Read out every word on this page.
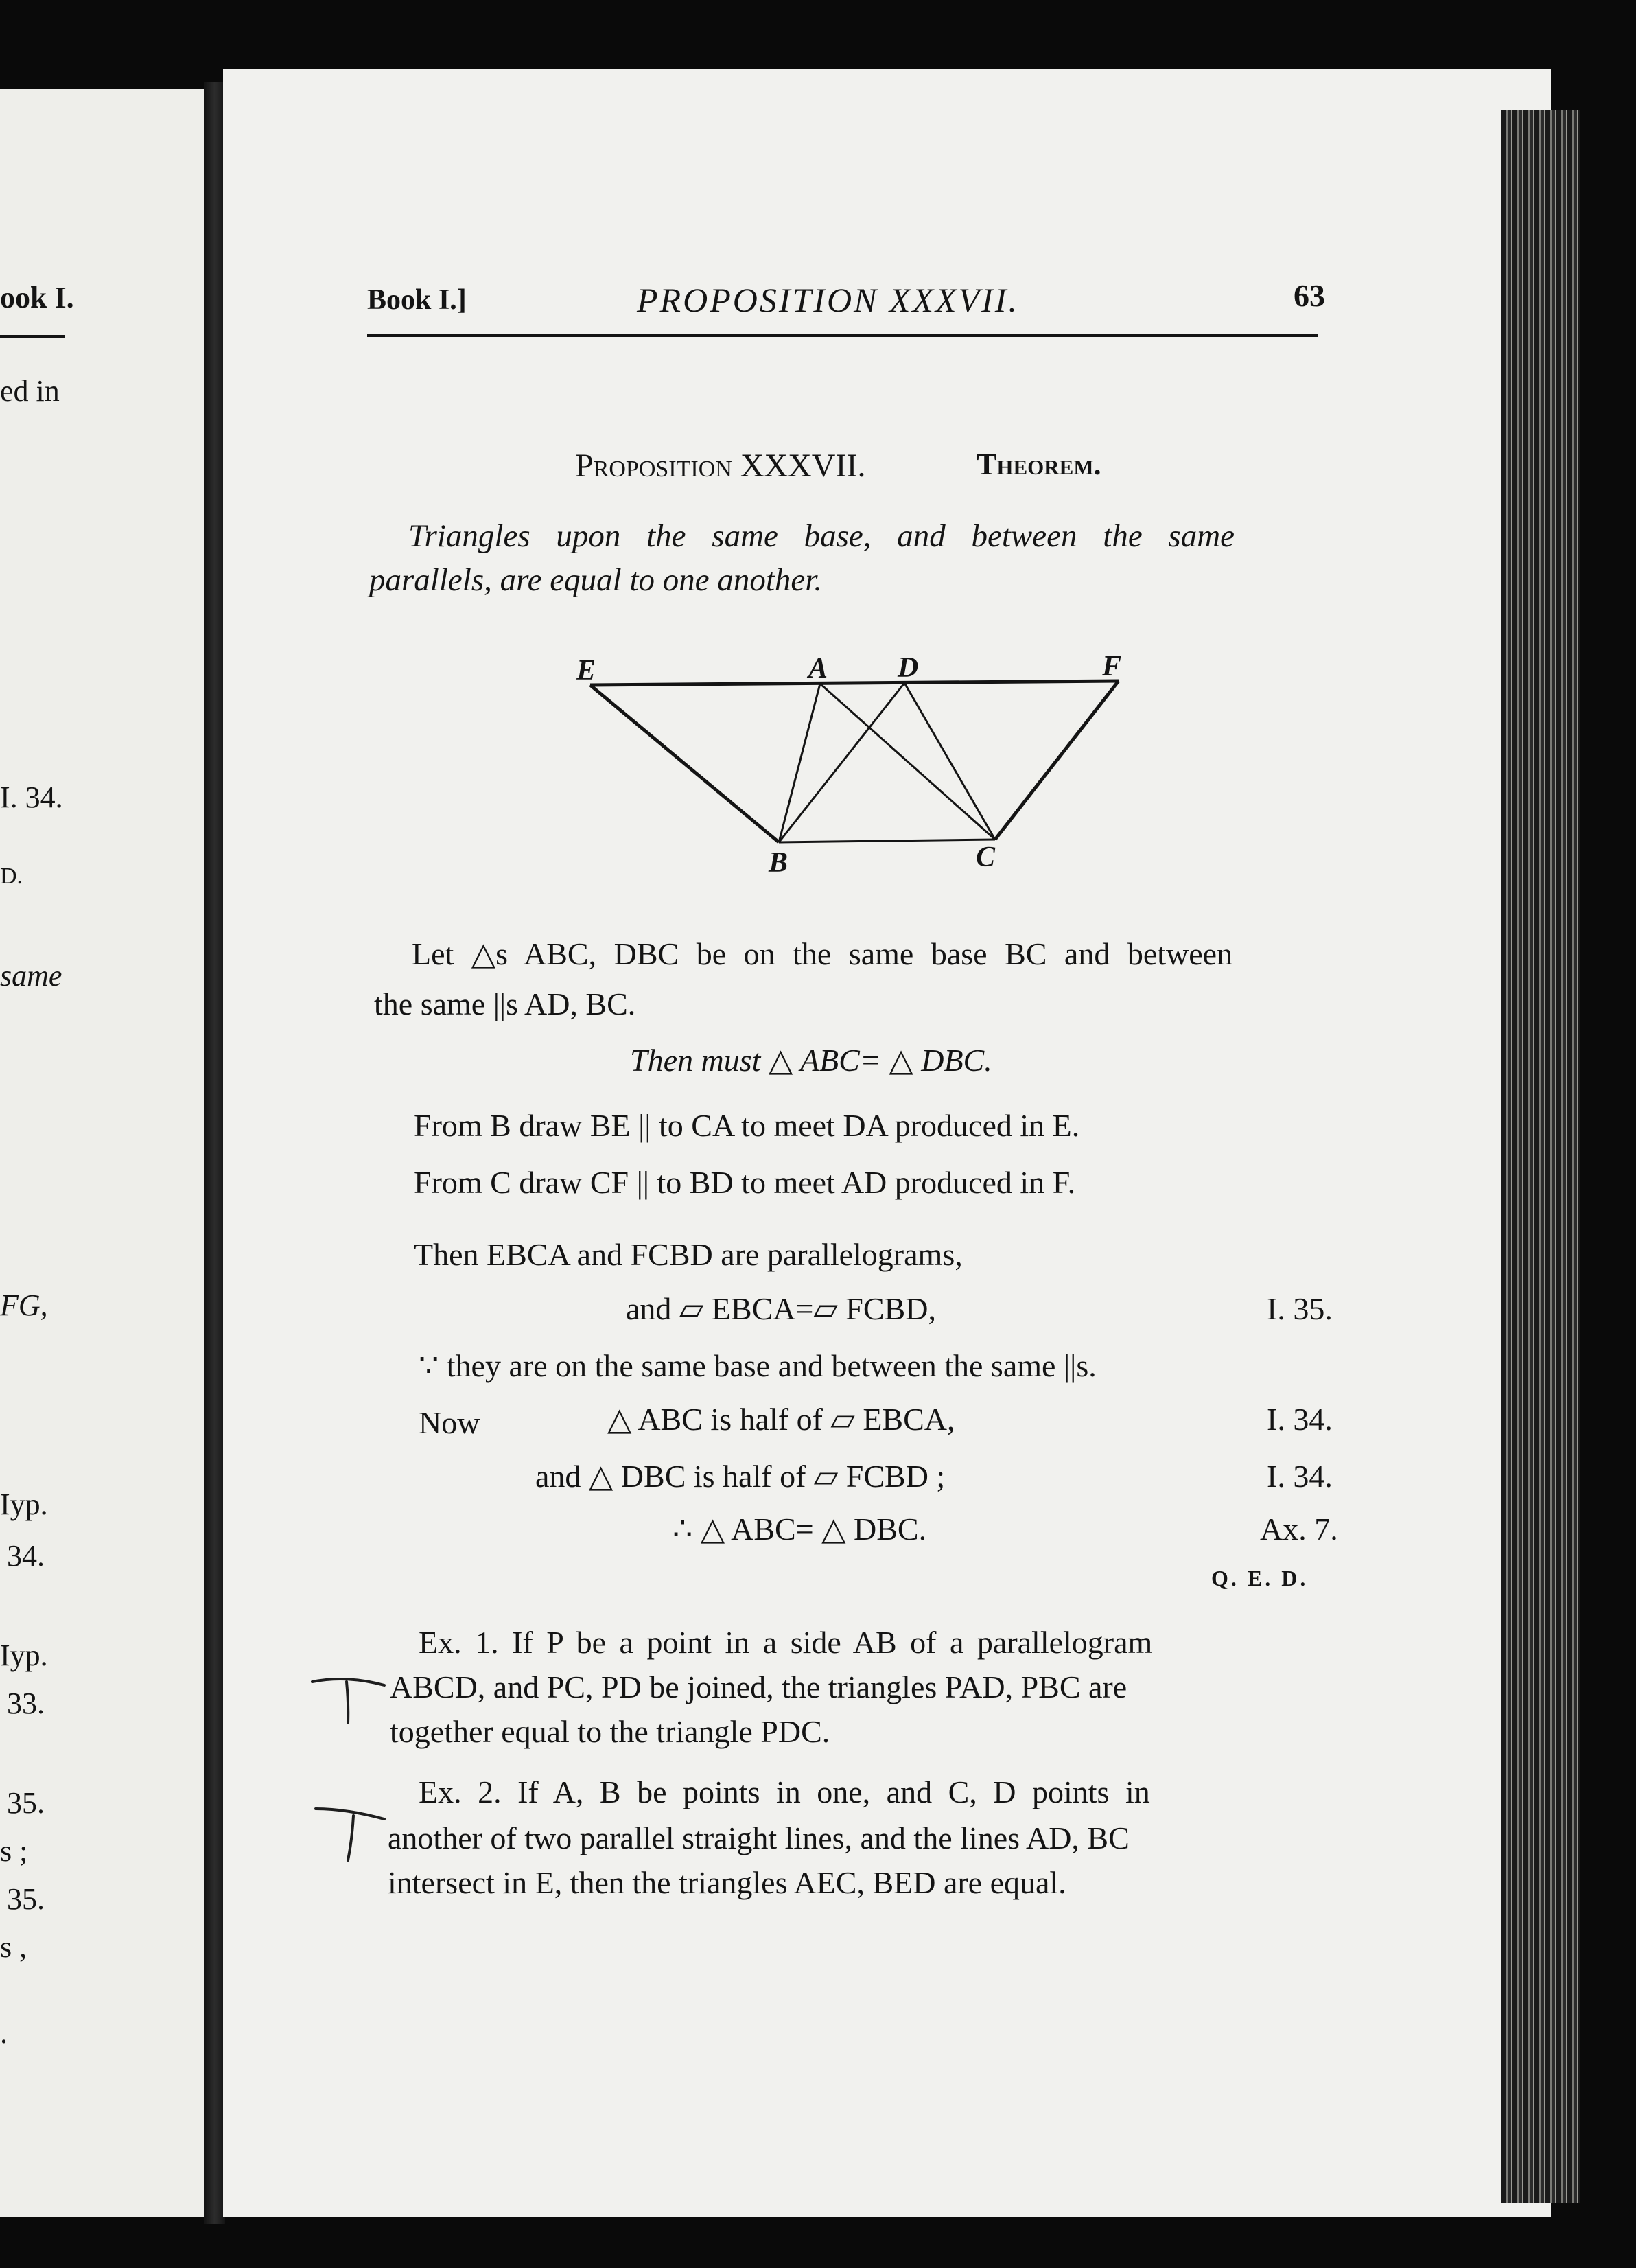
ook I.
ed in
I. 34.
D.
same
FG,
Iyp.
34.
Iyp.
33.
35.
s ;
35.
s ,
.
Book I.]	PROPOSITION XXXVII.	63
Proposition XXXVII.	Theorem.
Triangles upon the same base, and between the same
parallels, are equal to one another.
E	A D	F
B	C
Let △s ABC, DBC be on the same base BC and between
the same ||s AD, BC.
Then must △ ABC= △ DBC.
From B draw BE || to CA to meet DA produced in E.
From C draw CF || to BD to meet AD produced in F.
Then EBCA and FCBD are parallelograms,
and ▱ EBCA=▱ FCBD,	I. 35.
∵ they are on the same base and between the same ||s.
Now	△ ABC is half of ▱ EBCA,	I. 34.
and △ DBC is half of ▱ FCBD ;	I. 34.
∴ △ ABC= △ DBC.	Ax. 7.
Q. E. D.
Ex. 1. If P be a point in a side AB of a parallelogram
ABCD, and PC, PD be joined, the triangles PAD, PBC are
together equal to the triangle PDC.
Ex. 2. If A, B be points in one, and C, D points in
another of two parallel straight lines, and the lines AD, BC
intersect in E, then the triangles AEC, BED are equal.
